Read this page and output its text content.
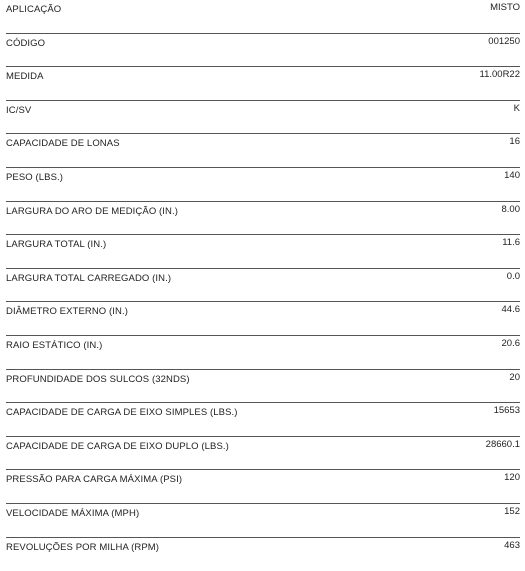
APLICAÇÃO	MISTO
CÓDIGO	001250
MEDIDA	11.00R22
IC/SV	K
CAPACIDADE DE LONAS	16
PESO (LBS.)	140
LARGURA DO ARO DE MEDIÇÃO (IN.)	8.00
LARGURA TOTAL (IN.)	11.6
LARGURA TOTAL CARREGADO (IN.)	0.0
DIÂMETRO EXTERNO (IN.)	44.6
RAIO ESTÁTICO (IN.)	20.6
PROFUNDIDADE DOS SULCOS (32NDS)	20
CAPACIDADE DE CARGA DE EIXO SIMPLES (LBS.)	15653
CAPACIDADE DE CARGA DE EIXO DUPLO (LBS.)	28660.1
PRESSÃO PARA CARGA MÁXIMA (PSI)	120
VELOCIDADE MÁXIMA (MPH)	152
REVOLUÇÕES POR MILHA (RPM)	463
